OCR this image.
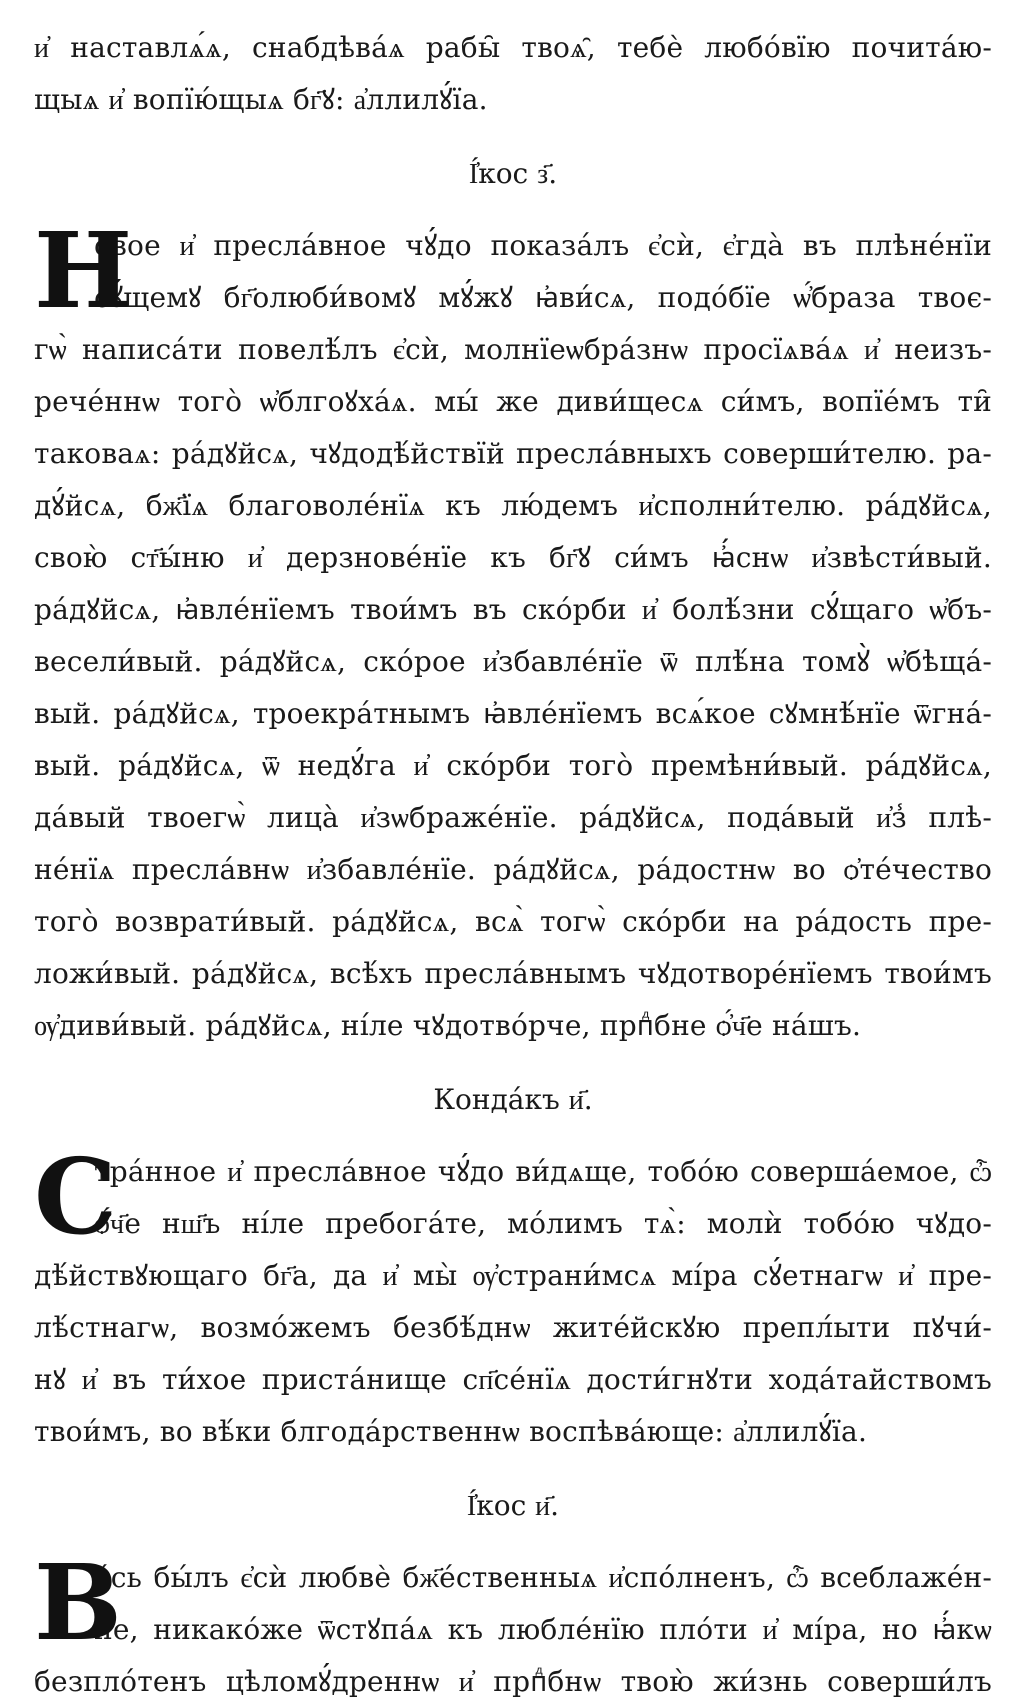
и҆ наставлѧ́ѧ, снабдѣва́ѧ рабы̑ твоѧ̑, тебѐ любо́вїю почита́ю-
щыѧ и҆ вопїю́щыѧ бг҃ꙋ: а҆ллилꙋ́їа.
І҆́кос з҃.
Н
о́вое и҆ пресла́вное чꙋ́до показа́лъ є҆сѝ, є҆гда̀ въ плѣне́нїи
сꙋ́щемꙋ бг҃олюби́вомꙋ мꙋ́жꙋ ꙗ҆ви́сѧ, подо́бїе ѡ҆́браза твоє-
гѡ̀ написа́ти повелѣ́лъ є҆сѝ, молнїеѡбра́знѡ просїѧва́ѧ и҆ неизъ-
рече́ннѡ того̀ ѡ҆блгоꙋха́ѧ. мы́ же диви́щесѧ си́мъ, вопїе́мъ ти̑
таковаѧ: ра́дꙋйсѧ, чꙋдодѣ́йствїй пресла́вныхъ соверши́телю. ра-
дꙋ́йсѧ, бж҃їѧ благоволе́нїѧ къ лю́демъ и҆сполни́телю. ра́дꙋйсѧ,
свою̀ ст҃ы́ню и҆ дерзнове́нїе къ бг҃ꙋ си́мъ ꙗ҆́снѡ и҆звѣсти́вый.
ра́дꙋйсѧ, ꙗ҆вле́нїемъ твои́мъ въ ско́рби и҆ болѣ́зни сꙋ́щаго ѡ҆бъ-
весели́вый. ра́дꙋйсѧ, ско́рое и҆збавле́нїе ѿ плѣ́на томꙋ̀ ѡ҆бѣща́-
вый. ра́дꙋйсѧ, троекра́тнымъ ꙗ҆вле́нїемъ всѧ́кое сꙋмнѣ́нїе ѿгна́-
вый. ра́дꙋйсѧ, ѿ недꙋ́га и҆ ско́рби того̀ премѣни́вый. ра́дꙋйсѧ,
да́вый твоегѡ̀ лица̀ и҆зѡбраже́нїе. ра́дꙋйсѧ, пода́вый и҆з̾ плѣ-
не́нїѧ пресла́внѡ и҆збавле́нїе. ра́дꙋйсѧ, ра́достнѡ во ѻ҆те́чество
того̀ возврати́вый. ра́дꙋйсѧ, всѧ̀ тогѡ̀ ско́рби на ра́дость пре-
ложи́вый. ра́дꙋйсѧ, всѣ́хъ пресла́внымъ чꙋдотворе́нїемъ твои́мъ
ѹ҆диви́вый. ра́дꙋйсѧ, ні́ле чꙋдотво́рче, прпⷣбне ѻ҆́ч҃е на́шъ.
Конда́къ и҃.
С
тра́нное и҆ пресла́вное чꙋ́до ви́дѧще, тобо́ю соверша́емое, ѽ
ѻ҆́ч҃е нш҃ъ ні́ле пребога́те, мо́лимъ тѧ̀: молѝ тобо́ю чꙋдо-
дѣ́йствꙋющаго бг҃а, да и҆ мы̀ ѹ҆страни́мсѧ мі́ра сꙋ́етнагѡ и҆ пре-
лѣ́стнагѡ, возмо́жемъ безбѣ́днѡ жите́йскꙋю препл́ыти пꙋчи́-
нꙋ и҆ въ ти́хое приста́нище сп҃се́нїѧ дости́гнꙋти хода́тайствомъ
твои́мъ, во вѣ́ки блгода́рственнѡ воспѣва́юще: а҆ллилꙋ́їа.
І҆́кос и҃.
В
е́сь бы́лъ є҆сѝ любвѐ бж҃е́ственныѧ и҆спо́лненъ, ѽ всеблаже́н-
не, никако́же ѿстꙋпа́ѧ къ любле́нїю пло́ти и҆ мі́ра, но ꙗ҆́кѡ
безпло́тенъ цѣломꙋ́дреннѡ и҆ прпⷣбнѡ твою̀ жи́знь соверши́лъ
